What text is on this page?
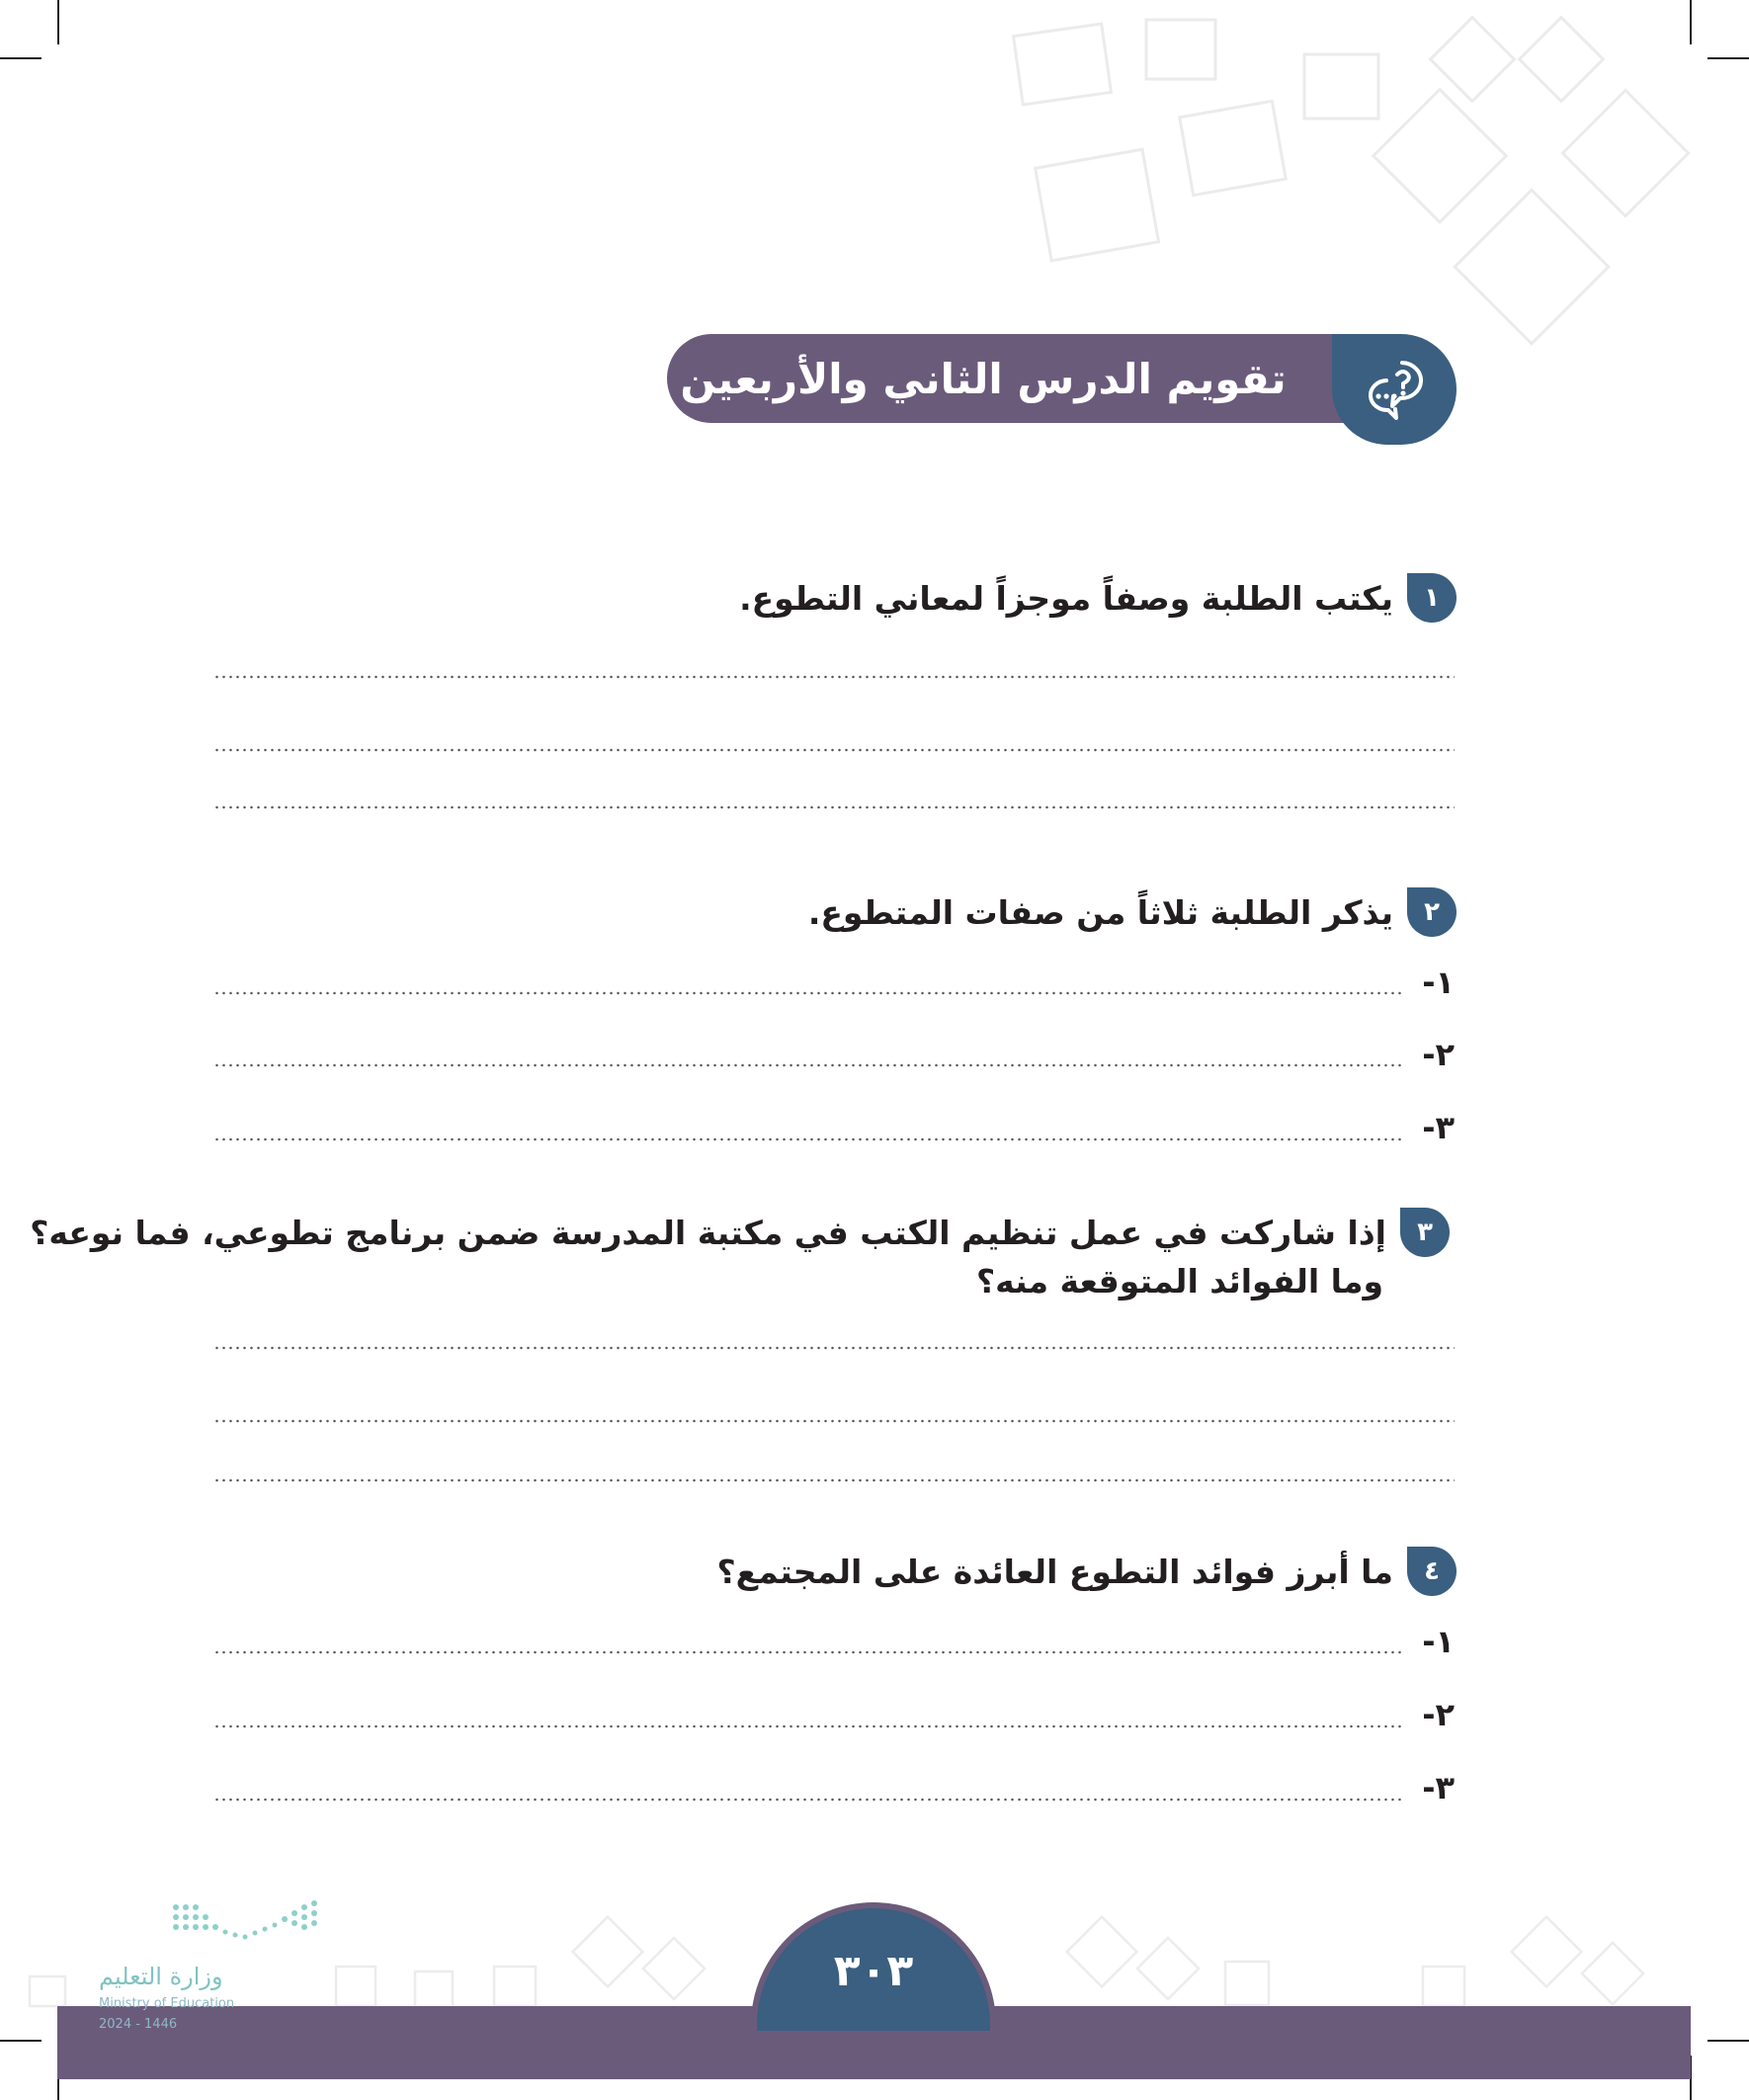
تقويم الدرس الثاني والأربعين
١
يكتب الطلبة وصفاً موجزاً لمعاني التطوع.
٢
يذكر الطلبة ثلاثاً من صفات المتطوع.
١-
٢-
٣-
٣
إذا شاركت في عمل تنظيم الكتب في مكتبة المدرسة ضمن برنامج تطوعي، فما نوعه؟
وما الفوائد المتوقعة منه؟
٤
ما أبرز فوائد التطوع العائدة على المجتمع؟
١-
٢-
٣-
٣٠٣
وزارة التعليم
Ministry of Education
2024 - 1446
